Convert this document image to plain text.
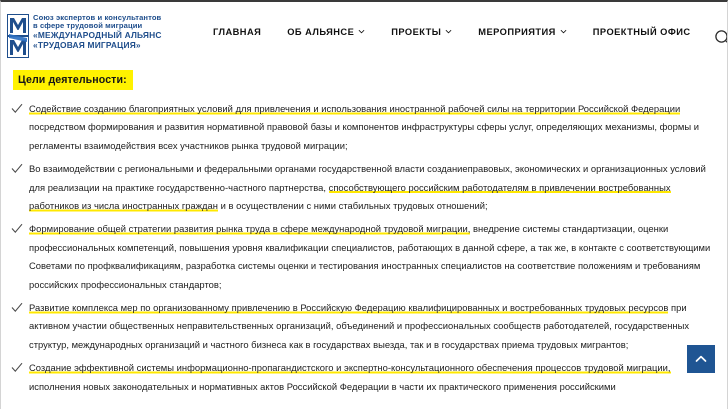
Союз экспертов и консультантов
в сфере трудовой миграции
«МЕЖДУНАРОДНЫЙ АЛЬЯНС
«ТРУДОВАЯ МИГРАЦИЯ»
ГЛАВНАЯ	ОБ АЛЬЯНСЕ	ПРОЕКТЫ	МЕРОПРИЯТИЯ	ПРОЕКТНЫЙ ОФИС
Цели деятельности:
Содействие созданию благоприятных условий для привлечения и использования иностранной рабочей силы на территории Российской Федерации посредством формирования и развития нормативной правовой базы и компонентов инфраструктуры сферы услуг, определяющих механизмы, формы и регламенты взаимодействия всех участников рынка трудовой миграции;
Во взаимодействии с региональными и федеральными органами государственной власти созданиеправовых, экономических и организационных условий для реализации на практике государственно-частного партнерства, способствующего российским работодателям в привлечении востребованных работников из числа иностранных граждан и в осуществлении с ними стабильных трудовых отношений;
Формирование общей стратегии развития рынка труда в сфере международной трудовой миграции, внедрение системы стандартизации, оценки профессиональных компетенций, повышения уровня квалификации специалистов, работающих в данной сфере, а так же, в контакте с соответствующими Советами по профквалификациям, разработка системы оценки и тестирования иностранных специалистов на соответствие положениям и требованиям российских профессиональных стандартов;
Развитие комплекса мер по организованному привлечению в Российскую Федерацию квалифицированных и востребованных трудовых ресурсов при активном участии общественных неправительственных организаций, объединений и профессиональных сообществ работодателей, государственных структур, международных организаций и частного бизнеса как в государствах выезда, так и в государствах приема трудовых мигрантов;
Создание эффективной системы информационно-пропагандистского и экспертно-консультационного обеспечения процессов трудовой миграции, исполнения новых законодательных и нормативных актов Российской Федерации в части их практического применения российскими
